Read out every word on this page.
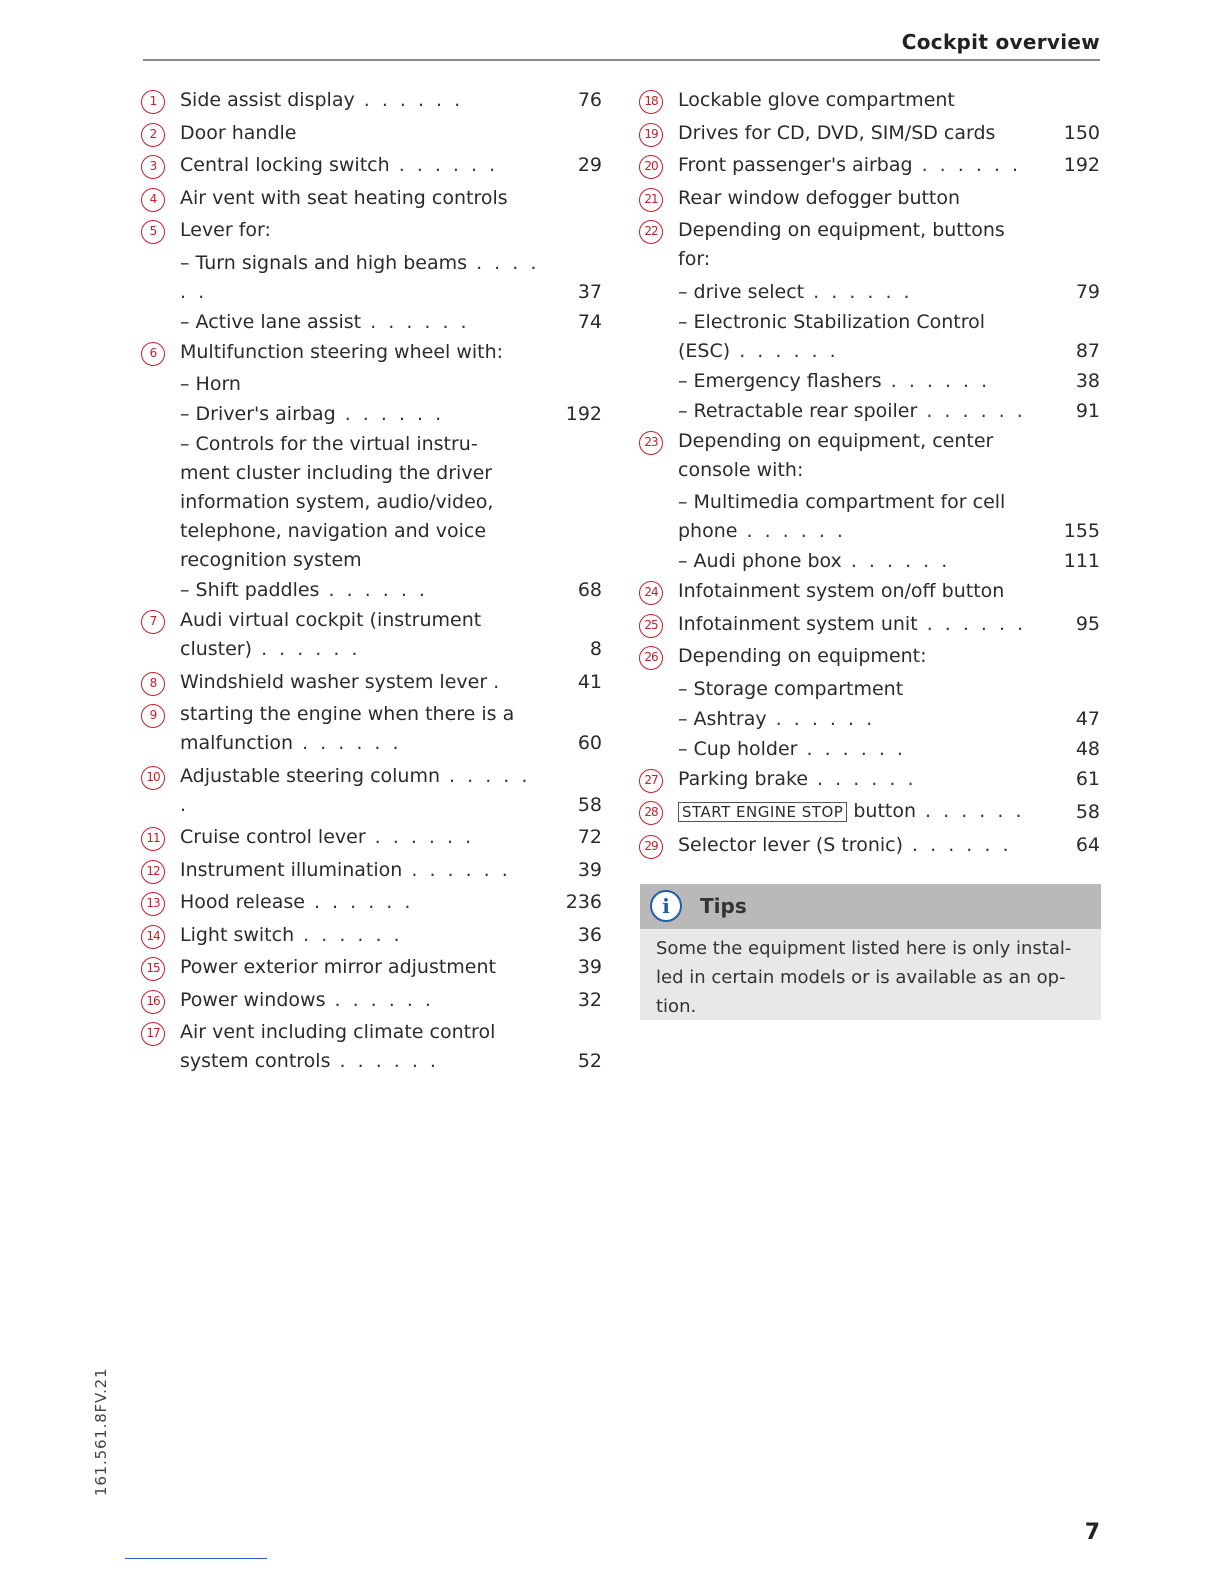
Cockpit overview
1	Side assist display . . . . . .	76
2	Door handle
3	Central locking switch . . . . . .	29
4	Air vent with seat heating controls
5	Lever for:
– Turn signals and high beams . . . . . .	37
– Active lane assist . . . . . .	74
6	Multifunction steering wheel with:
– Horn
– Driver's airbag . . . . . .	192
– Controls for the virtual instru-
ment cluster including the driver
information system, audio/video,
telephone, navigation and voice
recognition system
– Shift paddles . . . . . .	68
7	Audi virtual cockpit (instrument
cluster) . . . . . .	8
8	Windshield washer system lever .	41
9	starting the engine when there is a
malfunction . . . . . .	60
10 Adjustable steering column . . . . . .	58
11 Cruise control lever . . . . . .	72
12 Instrument illumination . . . . . .	39
13 Hood release . . . . . .	236
14 Light switch . . . . . .	36
15 Power exterior mirror adjustment	39
16 Power windows . . . . . .	32
17 Air vent including climate control
system controls . . . . . .	52
18 Lockable glove compartment
19 Drives for CD, DVD, SIM/SD cards	150
20 Front passenger's airbag . . . . . .	192
21 Rear window defogger button
22 Depending on equipment, buttons
for:
– drive select . . . . . .	79
– Electronic Stabilization Control
(ESC) . . . . . .	87
– Emergency flashers . . . . . .	38
– Retractable rear spoiler . . . . . .	91
23 Depending on equipment, center
console with:
– Multimedia compartment for cell
phone . . . . . .	155
– Audi phone box . . . . . .	111
24 Infotainment system on/off button
25 Infotainment system unit . . . . . .	95
26 Depending on equipment:
– Storage compartment
– Ashtray . . . . . .	47
– Cup holder . . . . . .	48
27 Parking brake . . . . . .	61
28	START ENGINE STOP button . . . . . .	58
29 Selector lever (S tronic) . . . . . .	64
i	Tips
Some the equipment listed here is only instal-led in certain models or is available as an op-tion.
161.561.8FV.21
7
